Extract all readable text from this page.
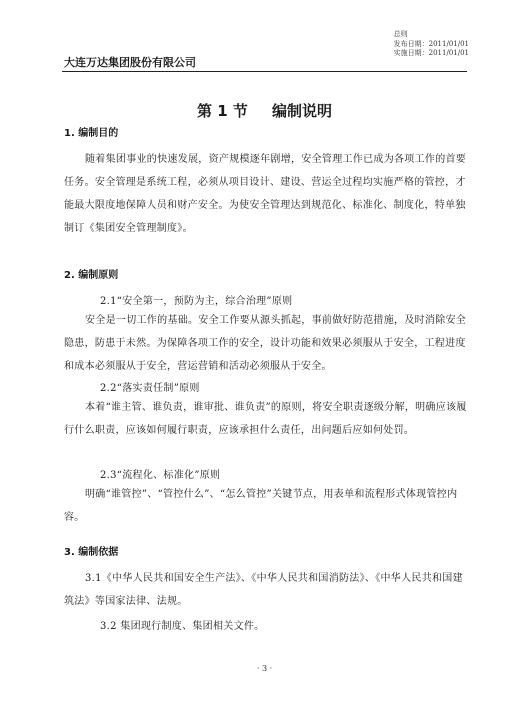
大连万达集团股份有限公司
总则
发布日期：2011/01/01
实施日期：2011/01/01
第 1 节 编制说明
1. 编制目的
随着集团事业的快速发展，资产规模逐年剧增，安全管理工作已成为各项工作的首要任务。安全管理是系统工程，必须从项目设计、建设、营运全过程均实施严格的管控，才能最大限度地保障人员和财产安全。为使安全管理达到规范化、标准化、制度化，特单独制订《集团安全管理制度》。
2. 编制原则
2.1“安全第一，预防为主，综合治理”原则
安全是一切工作的基础。安全工作要从源头抓起，事前做好防范措施，及时消除安全隐患，防患于未然。为保障各项工作的安全，设计功能和效果必须服从于安全，工程进度和成本必须服从于安全，营运营销和活动必须服从于安全。
2.2“落实责任制”原则
本着“谁主管、谁负责，谁审批、谁负责”的原则，将安全职责逐级分解，明确应该履行什么职责，应该如何履行职责，应该承担什么责任，出问题后应如何处罚。
2.3“流程化、标准化”原则
明确“谁管控”、“管控什么”、“怎么管控”关键节点，用表单和流程形式体现管控内容。
3. 编制依据
3.1《中华人民共和国安全生产法》、《中华人民共和国消防法》、《中华人民共和国建筑法》等国家法律、法规。
3.2 集团现行制度、集团相关文件。
· 3 ·
